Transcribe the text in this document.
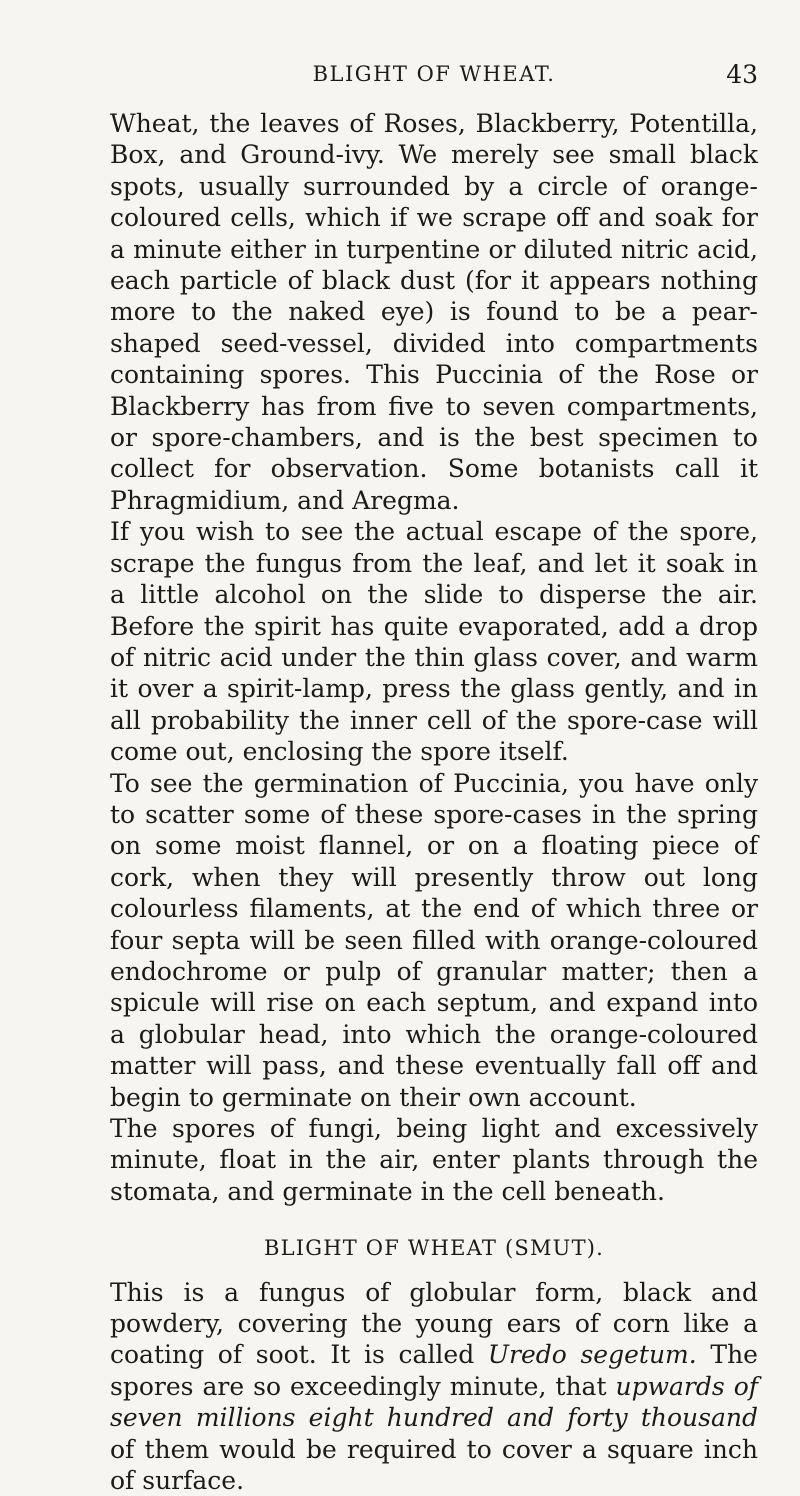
BLIGHT OF WHEAT.	43

Wheat, the leaves of Roses, Blackberry, Potentilla, Box, and Ground-ivy. We merely see small black spots, usually surrounded by a circle of orange-coloured cells, which if we scrape off and soak for a minute either in turpentine or diluted nitric acid, each particle of black dust (for it appears nothing more to the naked eye) is found to be a pear-shaped seed-vessel, divided into compartments containing spores. This Puccinia of the Rose or Blackberry has from five to seven compartments, or spore-chambers, and is the best specimen to collect for observation. Some botanists call it Phragmidium, and Aregma.

If you wish to see the actual escape of the spore, scrape the fungus from the leaf, and let it soak in a little alcohol on the slide to disperse the air. Before the spirit has quite evaporated, add a drop of nitric acid under the thin glass cover, and warm it over a spirit-lamp, press the glass gently, and in all probability the inner cell of the spore-case will come out, enclosing the spore itself.

To see the germination of Puccinia, you have only to scatter some of these spore-cases in the spring on some moist flannel, or on a floating piece of cork, when they will presently throw out long colourless filaments, at the end of which three or four septa will be seen filled with orange-coloured endochrome or pulp of granular matter; then a spicule will rise on each septum, and expand into a globular head, into which the orange-coloured matter will pass, and these eventually fall off and begin to germinate on their own account.

The spores of fungi, being light and excessively minute, float in the air, enter plants through the stomata, and germinate in the cell beneath.

BLIGHT OF WHEAT (SMUT).

This is a fungus of globular form, black and powdery, covering the young ears of corn like a coating of soot. It is called Uredo segetum. The spores are so exceedingly minute, that upwards of seven millions eight hundred and forty thousand of them would be required to cover a square inch of surface.
